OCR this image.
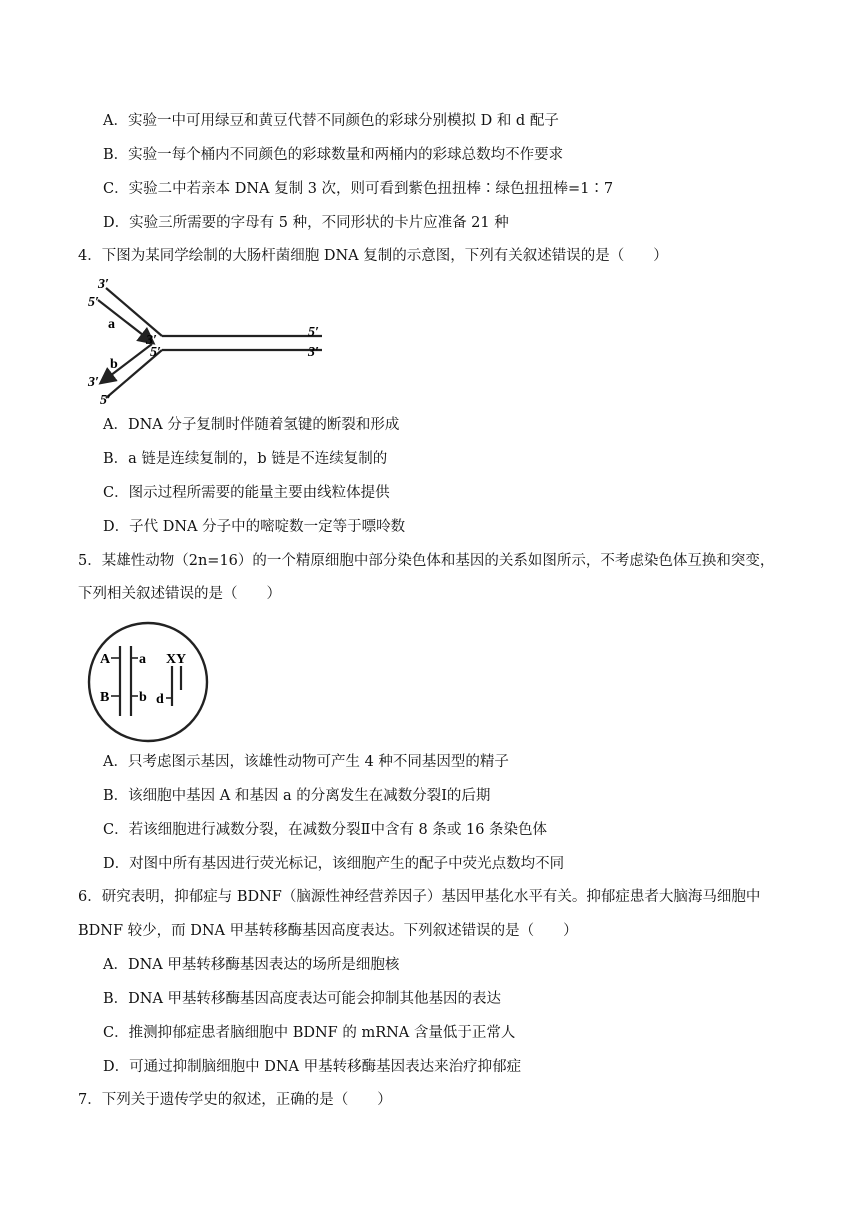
A．实验一中可用绿豆和黄豆代替不同颜色的彩球分别模拟 D 和 d 配子
B．实验一每个桶内不同颜色的彩球数量和两桶内的彩球总数均不作要求
C．实验二中若亲本 DNA 复制 3 次，则可看到紫色扭扭棒∶绿色扭扭棒=1∶7
D．实验三所需要的字母有 5 种，不同形状的卡片应准备 21 种
4．下图为某同学绘制的大肠杆菌细胞 DNA 复制的示意图，下列有关叙述错误的是（　　）
3′
5′
a
3′
5′
5′
3′
b
3′
5′
A．DNA 分子复制时伴随着氢键的断裂和形成
B．a 链是连续复制的，b 链是不连续复制的
C．图示过程所需要的能量主要由线粒体提供
D．子代 DNA 分子中的嘧啶数一定等于嘌呤数
5．某雄性动物（2n=16）的一个精原细胞中部分染色体和基因的关系如图所示，不考虑染色体互换和突变，
下列相关叙述错误的是（　　）
A
B
a
b d
X Y
A．只考虑图示基因，该雄性动物可产生 4 种不同基因型的精子
B．该细胞中基因 A 和基因 a 的分离发生在减数分裂Ⅰ的后期
C．若该细胞进行减数分裂，在减数分裂Ⅱ中含有 8 条或 16 条染色体
D．对图中所有基因进行荧光标记，该细胞产生的配子中荧光点数均不同
6．研究表明，抑郁症与 BDNF（脑源性神经营养因子）基因甲基化水平有关。抑郁症患者大脑海马细胞中
BDNF 较少，而 DNA 甲基转移酶基因高度表达。下列叙述错误的是（　　）
A．DNA 甲基转移酶基因表达的场所是细胞核
B．DNA 甲基转移酶基因高度表达可能会抑制其他基因的表达
C．推测抑郁症患者脑细胞中 BDNF 的 mRNA 含量低于正常人
D．可通过抑制脑细胞中 DNA 甲基转移酶基因表达来治疗抑郁症
7．下列关于遗传学史的叙述，正确的是（　　）
